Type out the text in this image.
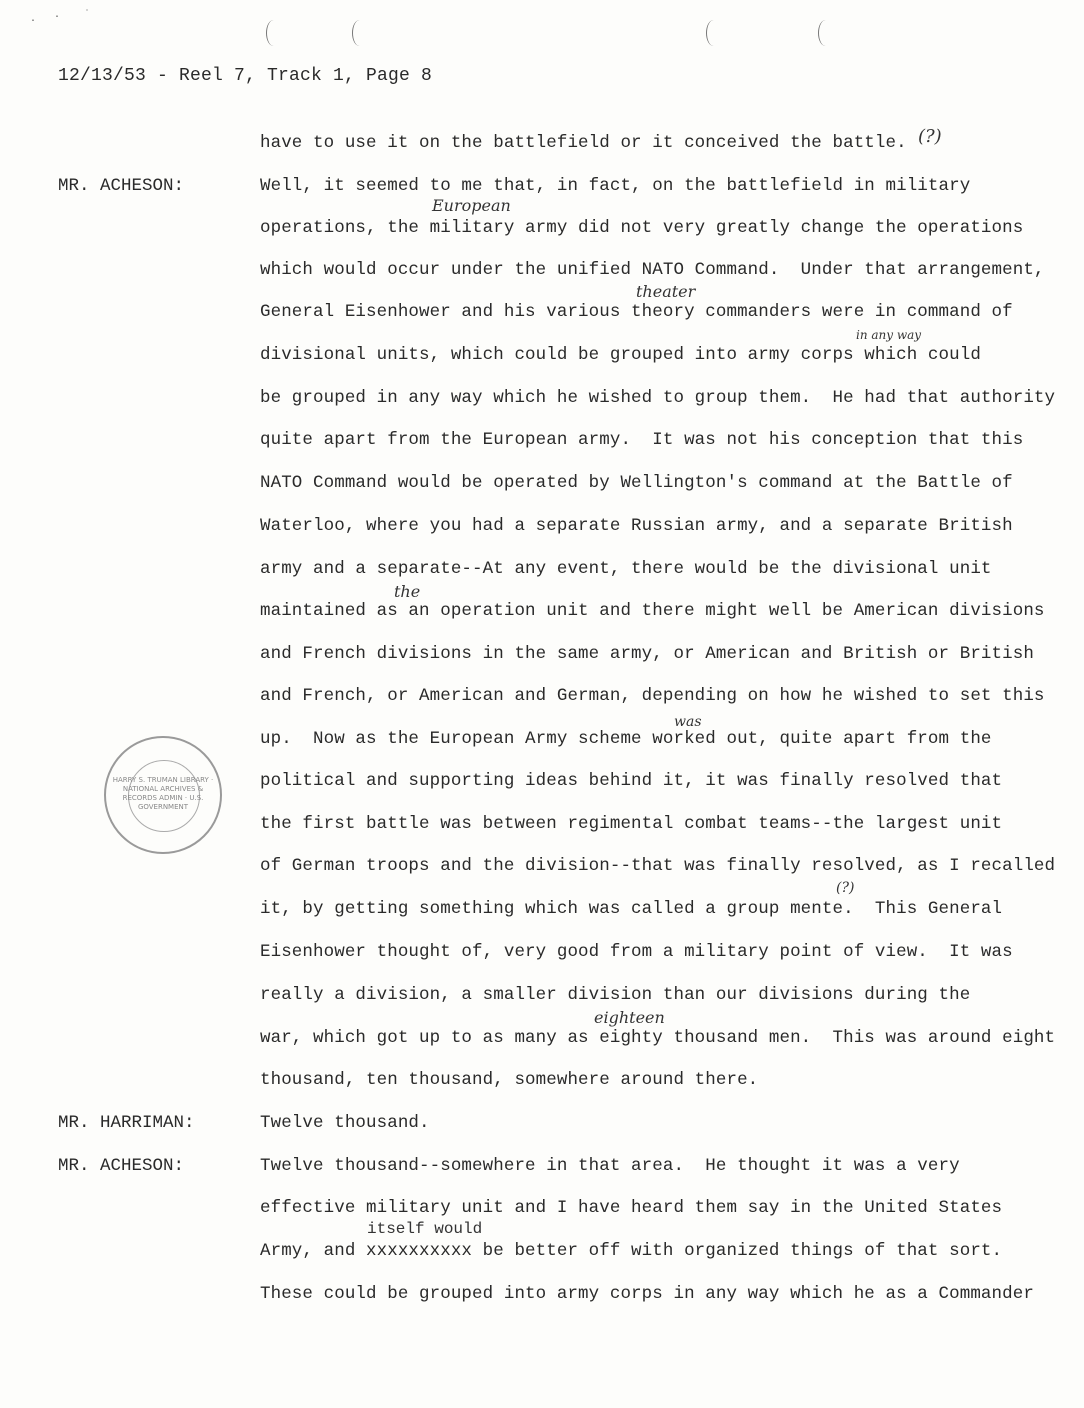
· · ˙
12/13/53 - Reel 7, Track 1, Page 8
MR. ACHESON:
MR. HARRIMAN:
MR. ACHESON:
have to use it on the battlefield or it conceived the battle.
Well, it seemed to me that, in fact, on the battlefield in military
operations, the military army did not very greatly change the operations
which would occur under the unified NATO Command.  Under that arrangement,
General Eisenhower and his various theory commanders were in command of
divisional units, which could be grouped into army corps which could
be grouped in any way which he wished to group them.  He had that authority
quite apart from the European army.  It was not his conception that this
NATO Command would be operated by Wellington's command at the Battle of
Waterloo, where you had a separate Russian army, and a separate British
army and a separate--At any event, there would be the divisional unit
maintained as an operation unit and there might well be American divisions
and French divisions in the same army, or American and British or British
and French, or American and German, depending on how he wished to set this
up.  Now as the European Army scheme worked out, quite apart from the
political and supporting ideas behind it, it was finally resolved that
the first battle was between regimental combat teams--the largest unit
of German troops and the division--that was finally resolved, as I recalled
it, by getting something which was called a group mente.  This General
Eisenhower thought of, very good from a military point of view.  It was
really a division, a smaller division than our divisions during the
war, which got up to as many as eighty thousand men.  This was around eight
thousand, ten thousand, somewhere around there.
Twelve thousand.
Twelve thousand--somewhere in that area.  He thought it was a very
effective military unit and I have heard them say in the United States
Army, and xxxxxxxxxx be better off with organized things of that sort.
These could be grouped into army corps in any way which he as a Commander
(?)
European
theater
in any way
the
was
(?)
eighteen
itself would
HARRY S. TRUMAN LIBRARY · NATIONAL ARCHIVES & RECORDS ADMIN · U.S. GOVERNMENT
